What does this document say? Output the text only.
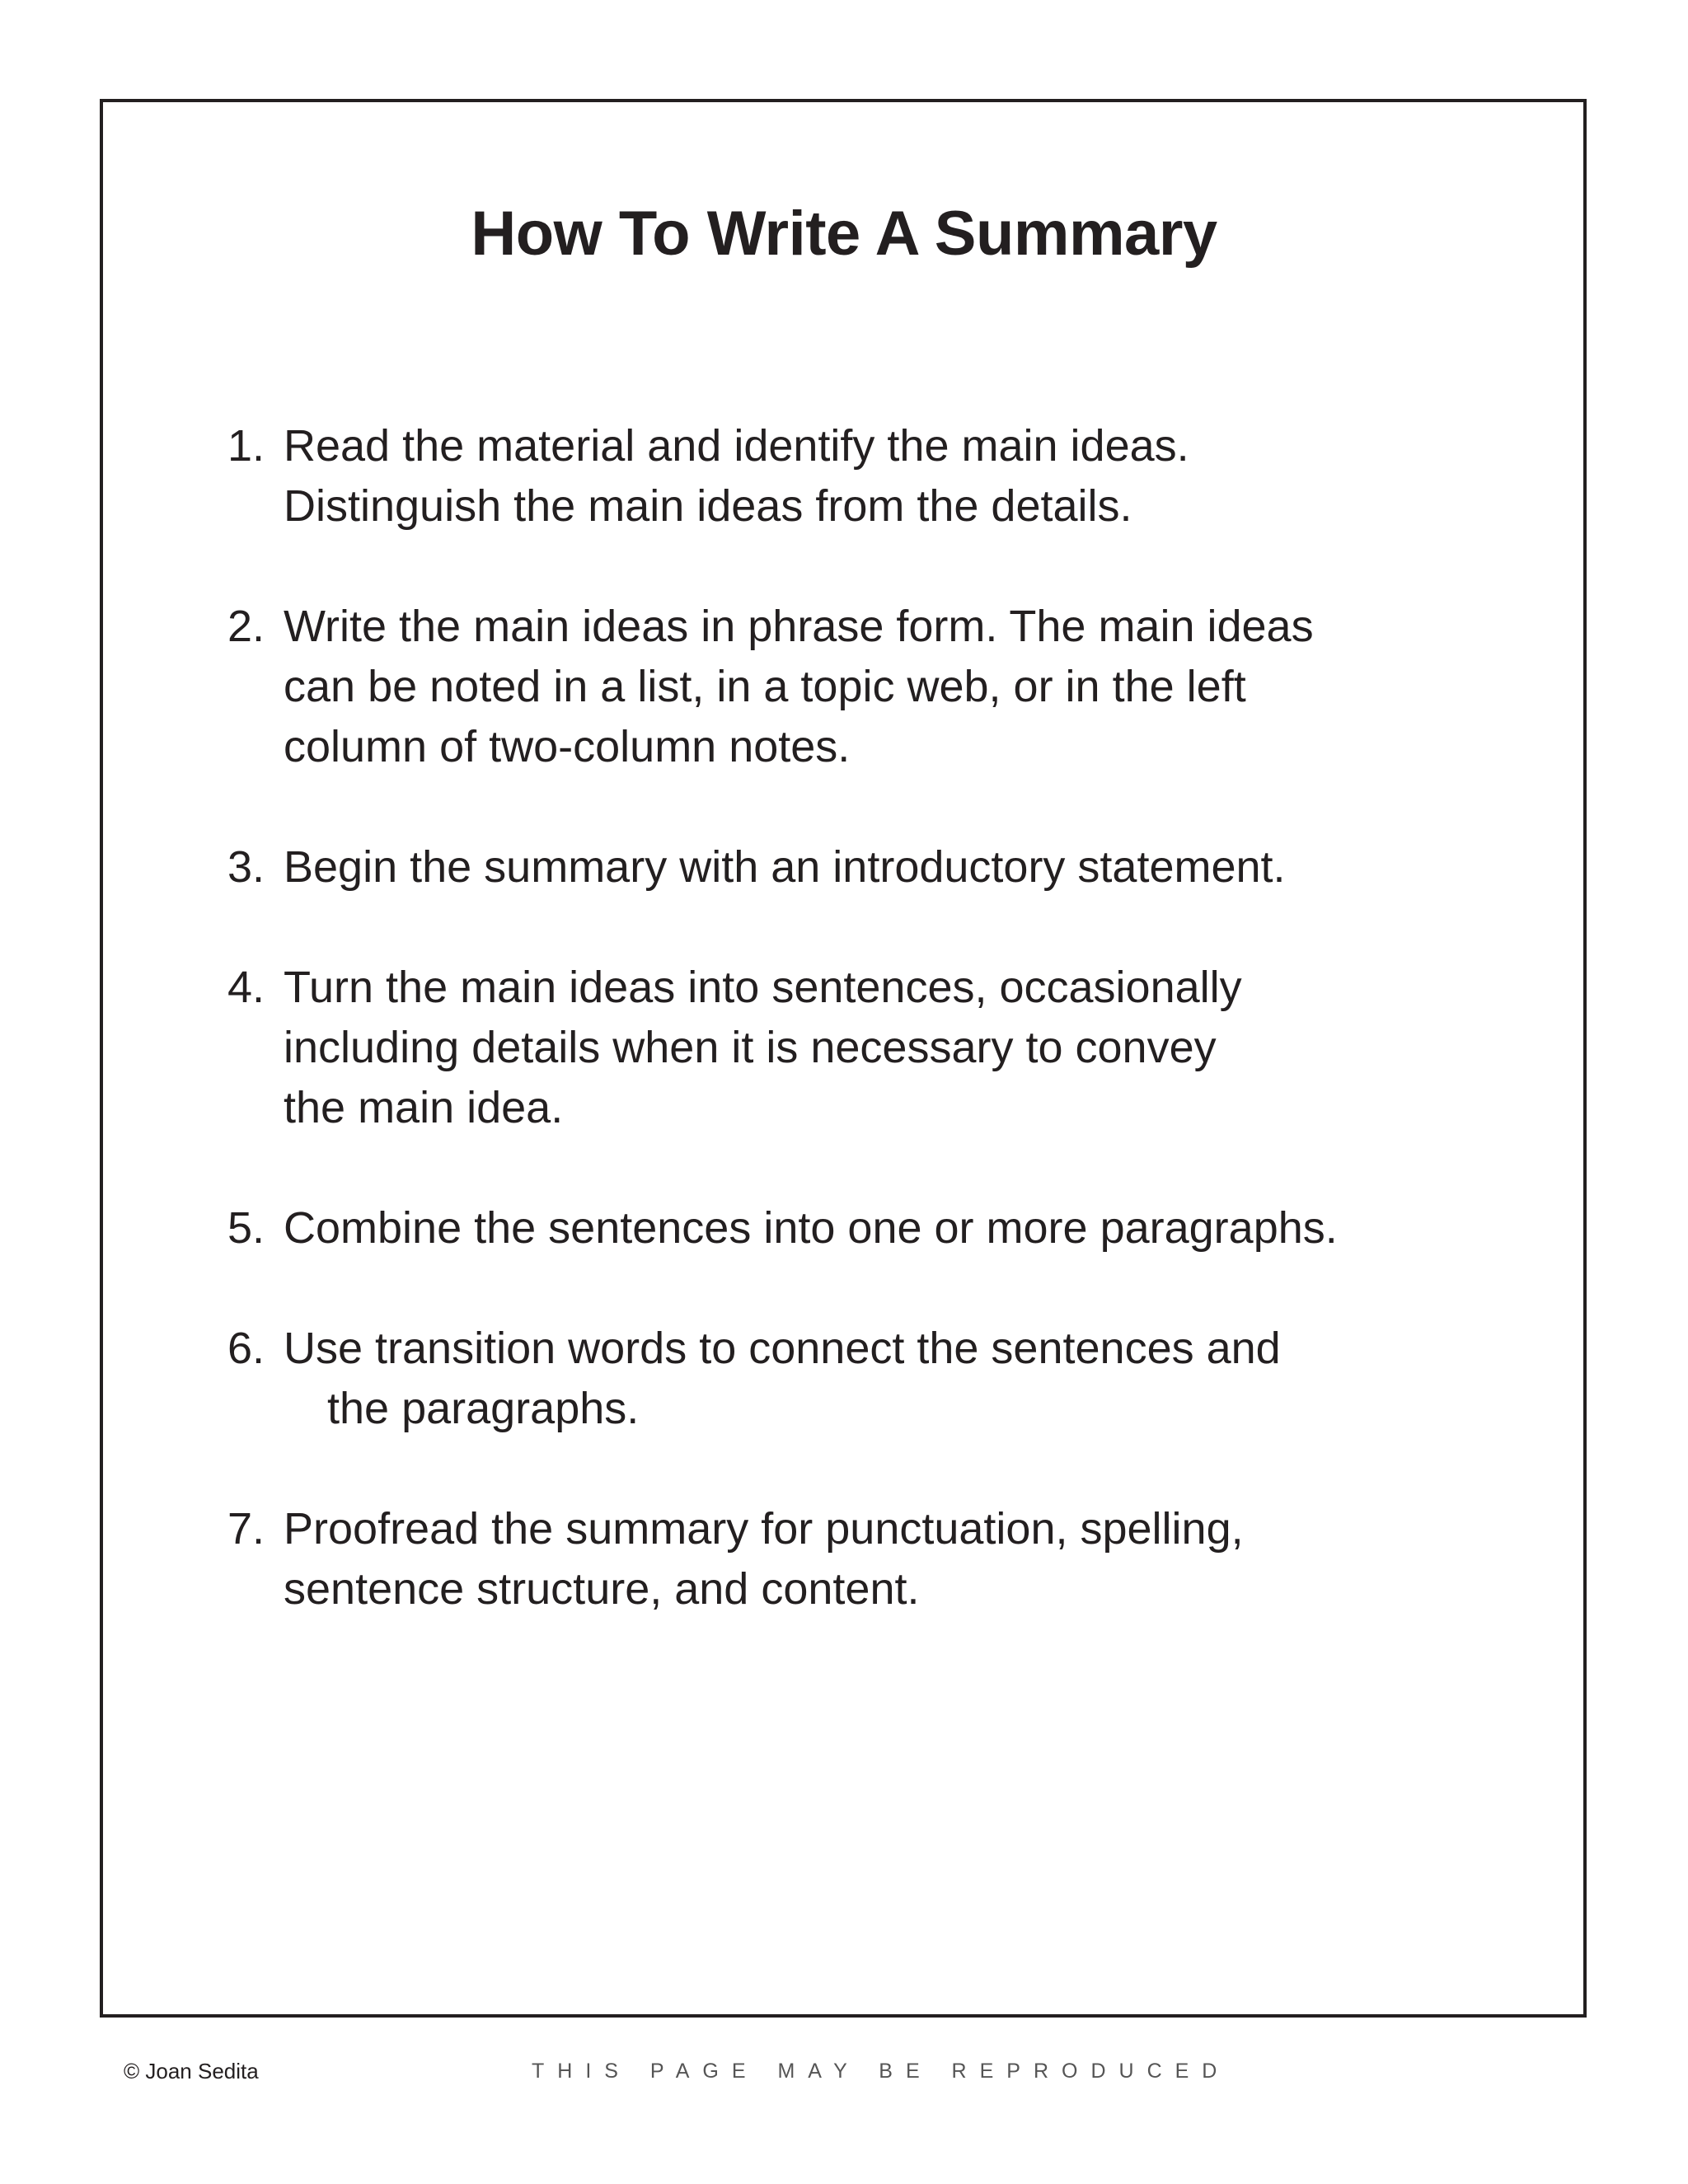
How To Write A Summary
1. Read the material and identify the main ideas.
Distinguish the main ideas from the details.
2. Write the main ideas in phrase form. The main ideas
can be noted in a list, in a topic web, or in the left
column of two-column notes.
3. Begin the summary with an introductory statement.
4. Turn the main ideas into sentences, occasionally
including details when it is necessary to convey
the main idea.
5. Combine the sentences into one or more paragraphs.
6. Use transition words to connect the sentences and
the paragraphs.
7. Proofread the summary for punctuation, spelling,
sentence structure, and content.
© Joan Sedita	THIS PAGE MAY BE REPRODUCED
